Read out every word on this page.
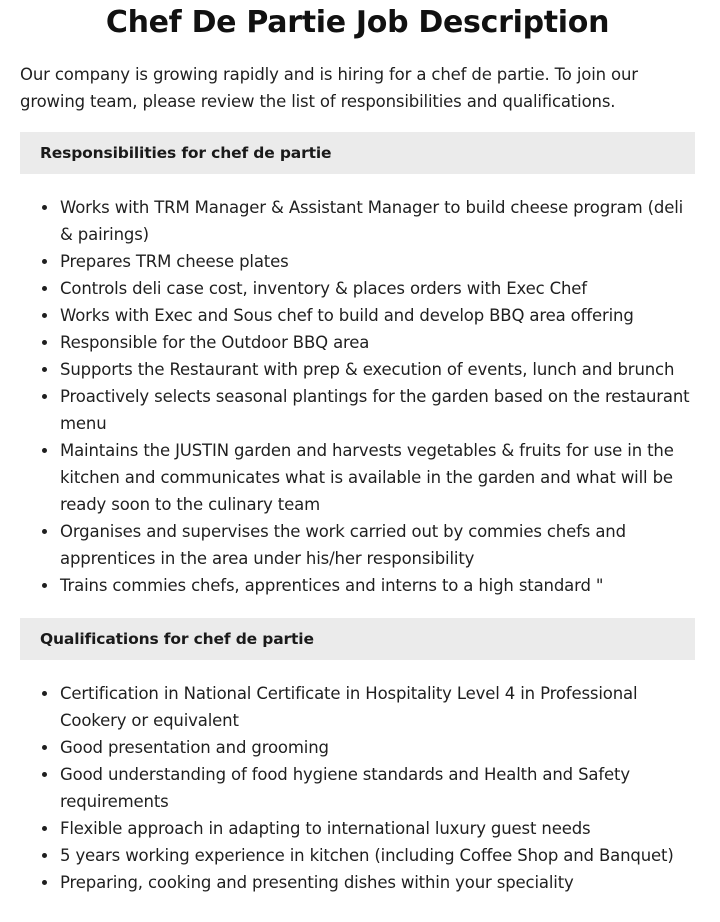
Chef De Partie Job Description

Our company is growing rapidly and is hiring for a chef de partie. To join our growing team, please review the list of responsibilities and qualifications.

Responsibilities for chef de partie
Works with TRM Manager & Assistant Manager to build cheese program (deli & pairings)
Prepares TRM cheese plates
Controls deli case cost, inventory & places orders with Exec Chef
Works with Exec and Sous chef to build and develop BBQ area offering
Responsible for the Outdoor BBQ area
Supports the Restaurant with prep & execution of events, lunch and brunch
Proactively selects seasonal plantings for the garden based on the restaurant menu
Maintains the JUSTIN garden and harvests vegetables & fruits for use in the kitchen and communicates what is available in the garden and what will be ready soon to the culinary team
Organises and supervises the work carried out by commies chefs and apprentices in the area under his/her responsibility
Trains commies chefs, apprentices and interns to a high standard "
Qualifications for chef de partie
Certification in National Certificate in Hospitality Level 4 in Professional Cookery or equivalent
Good presentation and grooming
Good understanding of food hygiene standards and Health and Safety requirements
Flexible approach in adapting to international luxury guest needs
5 years working experience in kitchen (including Coffee Shop and Banquet)
Preparing, cooking and presenting dishes within your speciality
